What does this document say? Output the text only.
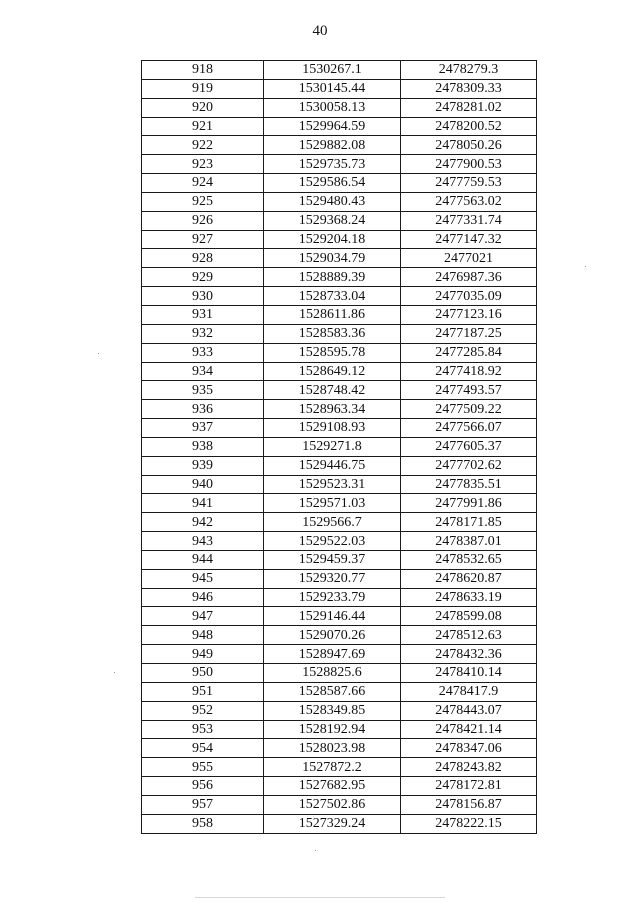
40
918	1530267.1	2478279.3
919	1530145.44	2478309.33
920	1530058.13	2478281.02
921	1529964.59	2478200.52
922	1529882.08	2478050.26
923	1529735.73	2477900.53
924	1529586.54	2477759.53
925	1529480.43	2477563.02
926	1529368.24	2477331.74
927	1529204.18	2477147.32
928	1529034.79	2477021
929	1528889.39	2476987.36
930	1528733.04	2477035.09
931	1528611.86	2477123.16
932	1528583.36	2477187.25
933	1528595.78	2477285.84
934	1528649.12	2477418.92
935	1528748.42	2477493.57
936	1528963.34	2477509.22
937	1529108.93	2477566.07
938	1529271.8	2477605.37
939	1529446.75	2477702.62
940	1529523.31	2477835.51
941	1529571.03	2477991.86
942	1529566.7	2478171.85
943	1529522.03	2478387.01
944	1529459.37	2478532.65
945	1529320.77	2478620.87
946	1529233.79	2478633.19
947	1529146.44	2478599.08
948	1529070.26	2478512.63
949	1528947.69	2478432.36
950	1528825.6	2478410.14
951	1528587.66	2478417.9
952	1528349.85	2478443.07
953	1528192.94	2478421.14
954	1528023.98	2478347.06
955	1527872.2	2478243.82
956	1527682.95	2478172.81
957	1527502.86	2478156.87
958	1527329.24	2478222.15
